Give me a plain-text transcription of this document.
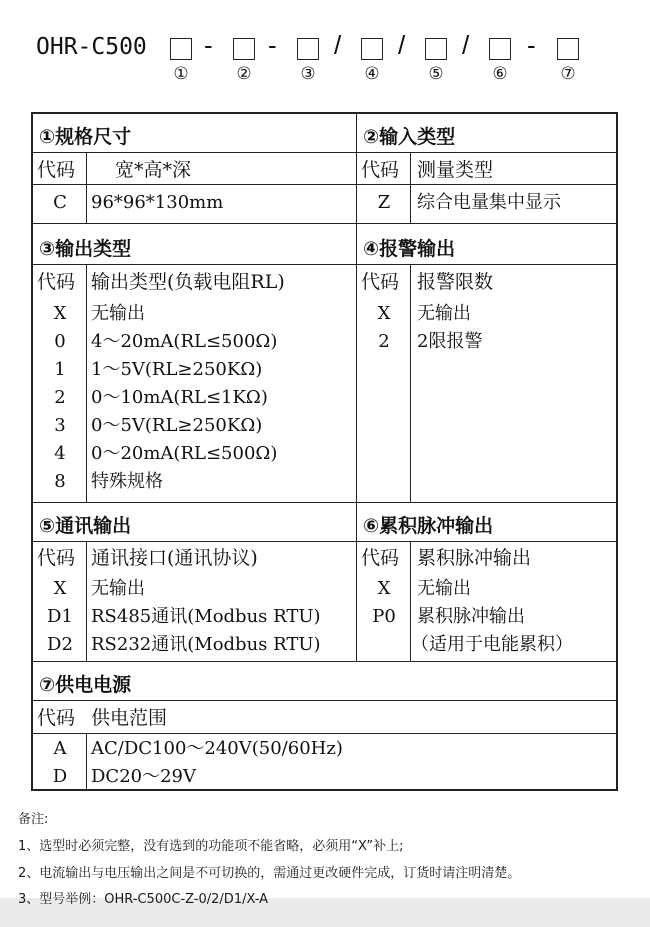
OHR-C500 - - / / / -
①	②	③	④	⑤	⑥	⑦
①规格尺寸
代码 宽*高*深
C	96*96*130mm
②输入类型
代码 测量类型
Z	综合电量集中显示
③输出类型
代码 输出类型(负载电阻RL)
X	无输出
0	4～20mA(RL≤500Ω)
1	1～5V(RL≥250KΩ)
2	0～10mA(RL≤1KΩ)
3	0～5V(RL≥250KΩ)
4	0～20mA(RL≤500Ω)
8	特殊规格
④报警输出
代码 报警限数
X	无输出
2	2限报警
⑤通讯输出
代码 通讯接口(通讯协议)
X	无输出
D1	RS485通讯(Modbus RTU)
D2	RS232通讯(Modbus RTU)
⑥累积脉冲输出
代码 累积脉冲输出
X	无输出
P0	累积脉冲输出
（适用于电能累积）
⑦供电电源
代码 供电范围
A	AC/DC100～240V(50/60Hz)
D	DC20～29V
备注:
1、选型时必须完整，没有选到的功能项不能省略，必须用“X”补上;
2、电流输出与电压输出之间是不可切换的，需通过更改硬件完成，订货时请注明清楚。
3、型号举例：OHR-C500C-Z-0/2/D1/X-A
